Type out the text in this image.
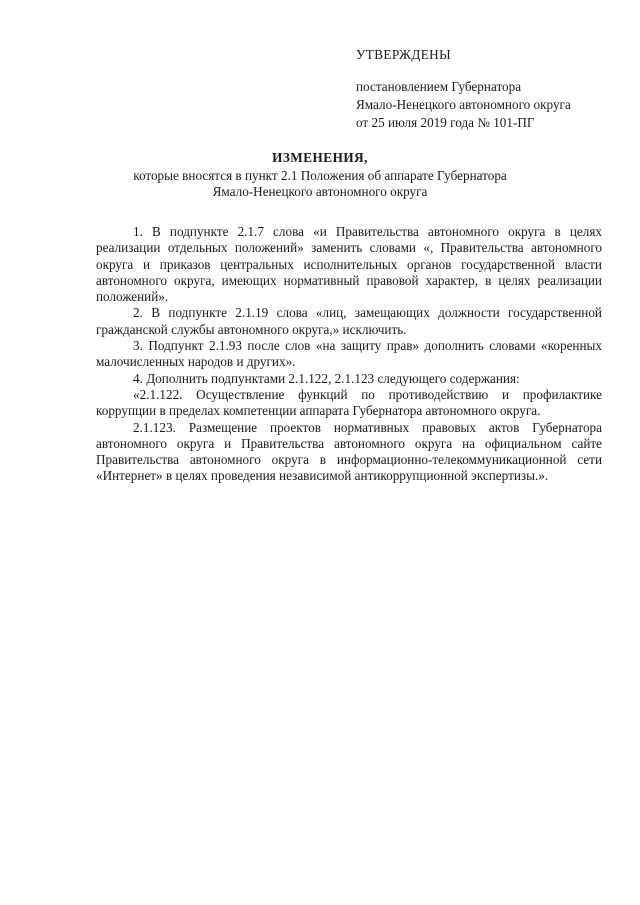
УТВЕРЖДЕНЫ
постановлением Губернатора
Ямало-Ненецкого автономного округа
от 25 июля 2019 года № 101-ПГ
ИЗМЕНЕНИЯ,
которые вносятся в пункт 2.1 Положения об аппарате Губернатора
Ямало-Ненецкого автономного округа

1. В подпункте 2.1.7 слова «и Правительства автономного округа в целях реализации отдельных положений» заменить словами «, Правительства автономного округа и приказов центральных исполнительных органов государственной власти автономного округа, имеющих нормативный правовой характер, в целях реализации положений».

2. В подпункте 2.1.19 слова «лиц, замещающих должности государственной гражданской службы автономного округа,» исключить.

3. Подпункт 2.1.93 после слов «на защиту прав» дополнить словами «коренных малочисленных народов и других».

4. Дополнить подпунктами 2.1.122, 2.1.123 следующего содержания:

«2.1.122. Осуществление функций по противодействию и профилактике коррупции в пределах компетенции аппарата Губернатора автономного округа.

2.1.123. Размещение проектов нормативных правовых актов Губернатора автономного округа и Правительства автономного округа на официальном сайте Правительства автономного округа в информационно-телекоммуникационной сети «Интернет» в целях проведения независимой антикоррупционной экспертизы.».
